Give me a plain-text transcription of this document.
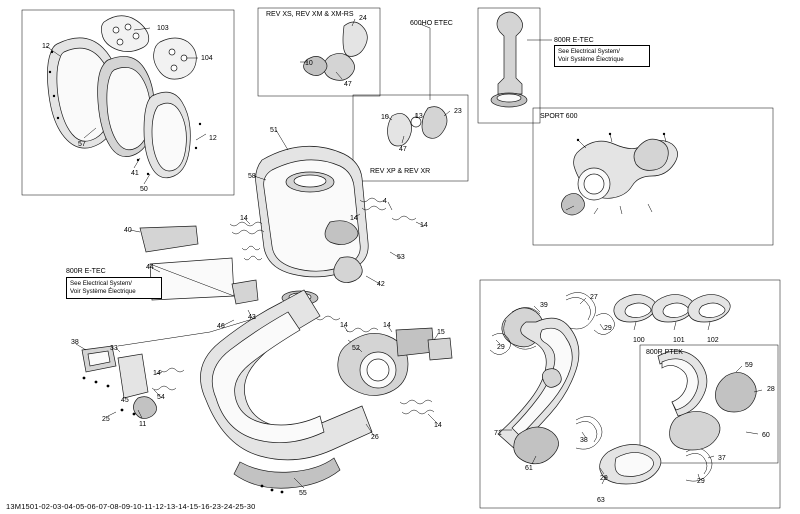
REV XS, REV XM & XM-RS
REV XP & REV XR
600HO ETEC
800R E-TEC
SPORT 600
800R E-TEC
800R PTEK
See Electrical System/
Voir Système Électrique
See Electrical System/
Voir Système Électrique
103
104
12
12
57
41
50
24
10
47
10	13
23
47
51
58
14	14
4
14
53
40
44
42
43
46	14	14
15
52
38
33
14
54
45
25
11
26
14
55
39
27
29
29
100	101	102
59
28
71
38
60
37
61
29	29
63
13M1501-02-03-04-05-06-07-08-09-10-11-12-13-14-15-16-23-24-25-30
